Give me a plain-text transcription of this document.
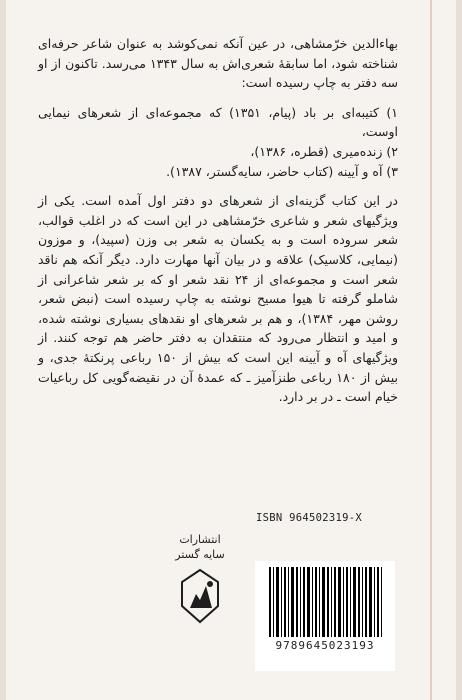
بهاءالدین خرّمشاهی، در عین آنکه نمی‌کوشد به عنوان شاعر حرفه‌ای شناخته شود، اما سابقهٔ شعری‌اش به سال ۱۳۴۳ می‌رسد. تاکنون از او سه دفتر به چاپ رسیده است:

۱) کتیبه‌ای بر باد (پیام، ۱۳۵۱) که مجموعه‌ای از شعرهای نیمایی اوست،
۲) زنده‌میری (قطره، ۱۳۸۶)،
۳) آه و آیینه (کتاب حاضر، سایه‌گستر، ۱۳۸۷).

در این کتاب گزینه‌ای از شعرهای دو دفتر اول آمده است. یکی از ویژگیهای شعر و شاعری خرّمشاهی در این است که در اغلب قوالب، شعر سروده است و به یکسان به شعر بی وزن (سپید)، و موزون (نیمایی، کلاسیک) علاقه و در بیان آنها مهارت دارد. دیگر آنکه هم ناقد شعر است و مجموعه‌ای از ۲۴ نقد شعر او که بر شعر شاعرانی از شاملو گرفته تا هیوا مسیح نوشته به چاپ رسیده است (نبض شعر، روشن مهر، ۱۳۸۴)، و هم بر شعرهای او نقدهای بسیاری نوشته شده، و امید و انتظار می‌رود که منتقدان به دفتر حاضر هم توجه کنند. از ویژگیهای آه و آیینه این است که بیش از ۱۵۰ رباعی پرنکتهٔ جدی، و بیش از ۱۸۰ رباعی طنزآمیز ـ که عمدهٔ آن در نقیضه‌گویی کل رباعیات خیام است ـ در بر دارد.

ISBN 964502319-X
انتشارات
سایه گستر
9789645023193
